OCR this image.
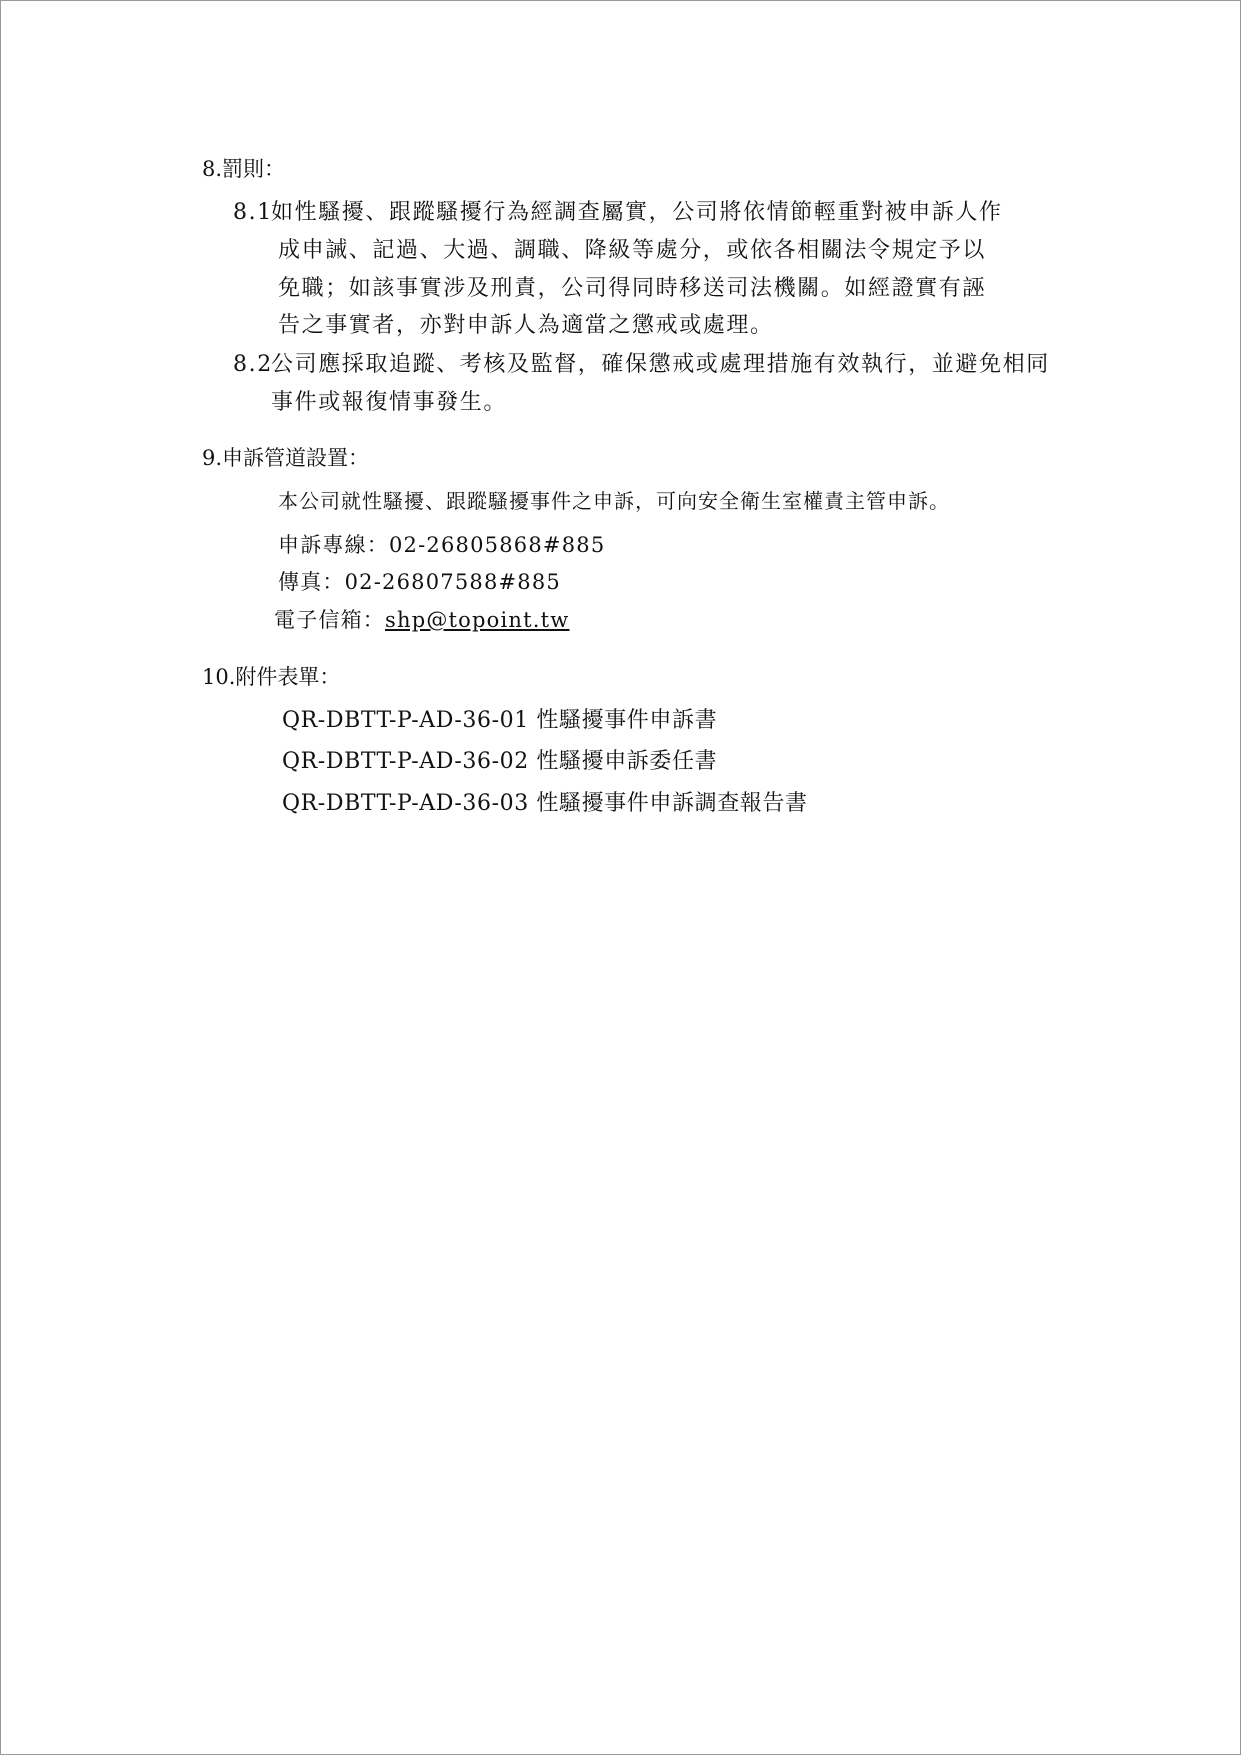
8.罰則：
8.1
如性騷擾、跟蹤騷擾行為經調查屬實，公司將依情節輕重對被申訴人作
成申誡、記過、大過、調職、降級等處分，或依各相關法令規定予以
免職；如該事實涉及刑責，公司得同時移送司法機關。如經證實有誣
告之事實者，亦對申訴人為適當之懲戒或處理。
8.2
公司應採取追蹤、考核及監督，確保懲戒或處理措施有效執行，並避免相同
事件或報復情事發生。
9.申訴管道設置：
本公司就性騷擾、跟蹤騷擾事件之申訴，可向安全衛生室權責主管申訴。
申訴專線：02-26805868#885
傳真：02-26807588#885
電子信箱：shp@topoint.tw
10.附件表單：
QR-DBTT-P-AD-36-01 性騷擾事件申訴書
QR-DBTT-P-AD-36-02 性騷擾申訴委任書
QR-DBTT-P-AD-36-03 性騷擾事件申訴調查報告書
